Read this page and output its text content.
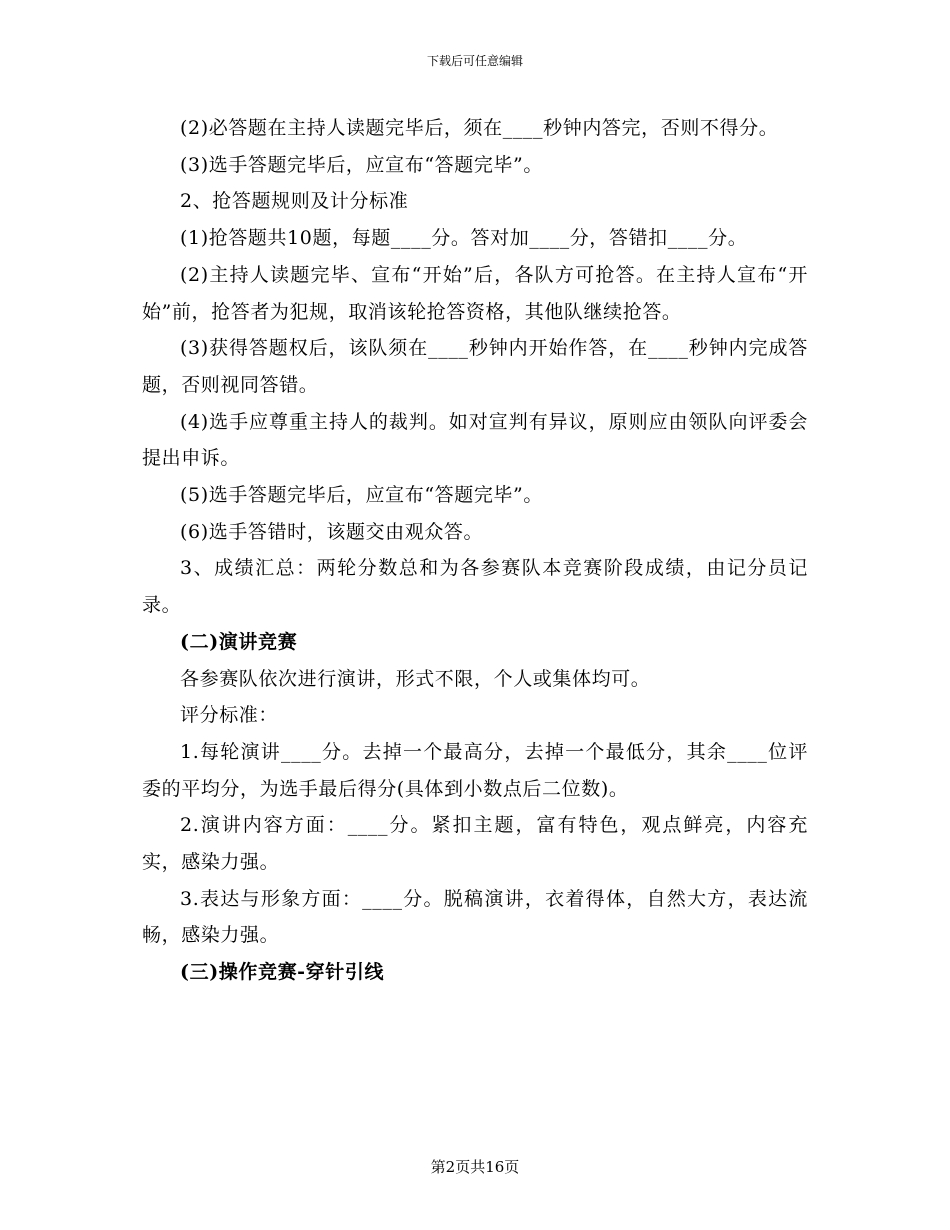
下载后可任意编辑

(2)必答题在主持人读题完毕后，须在____秒钟内答完，否则不得分。

(3)选手答题完毕后，应宣布“答题完毕”。

2、抢答题规则及计分标准

(1)抢答题共10题，每题____分。答对加____分，答错扣____分。

(2)主持人读题完毕、宣布“开始”后，各队方可抢答。在主持人宣布“开始”前，抢答者为犯规，取消该轮抢答资格，其他队继续抢答。

(3)获得答题权后，该队须在____秒钟内开始作答，在____秒钟内完成答题，否则视同答错。

(4)选手应尊重主持人的裁判。如对宣判有异议，原则应由领队向评委会提出申诉。

(5)选手答题完毕后，应宣布“答题完毕”。

(6)选手答错时，该题交由观众答。

3、成绩汇总：两轮分数总和为各参赛队本竞赛阶段成绩，由记分员记录。

(二)演讲竞赛

各参赛队依次进行演讲，形式不限，个人或集体均可。

评分标准：

1.每轮演讲____分。去掉一个最高分，去掉一个最低分，其余____位评委的平均分，为选手最后得分(具体到小数点后二位数)。

2.演讲内容方面：____分。紧扣主题，富有特色，观点鲜亮，内容充实，感染力强。

3.表达与形象方面：____分。脱稿演讲，衣着得体，自然大方，表达流畅，感染力强。

(三)操作竞赛-穿针引线

第2页共16页
